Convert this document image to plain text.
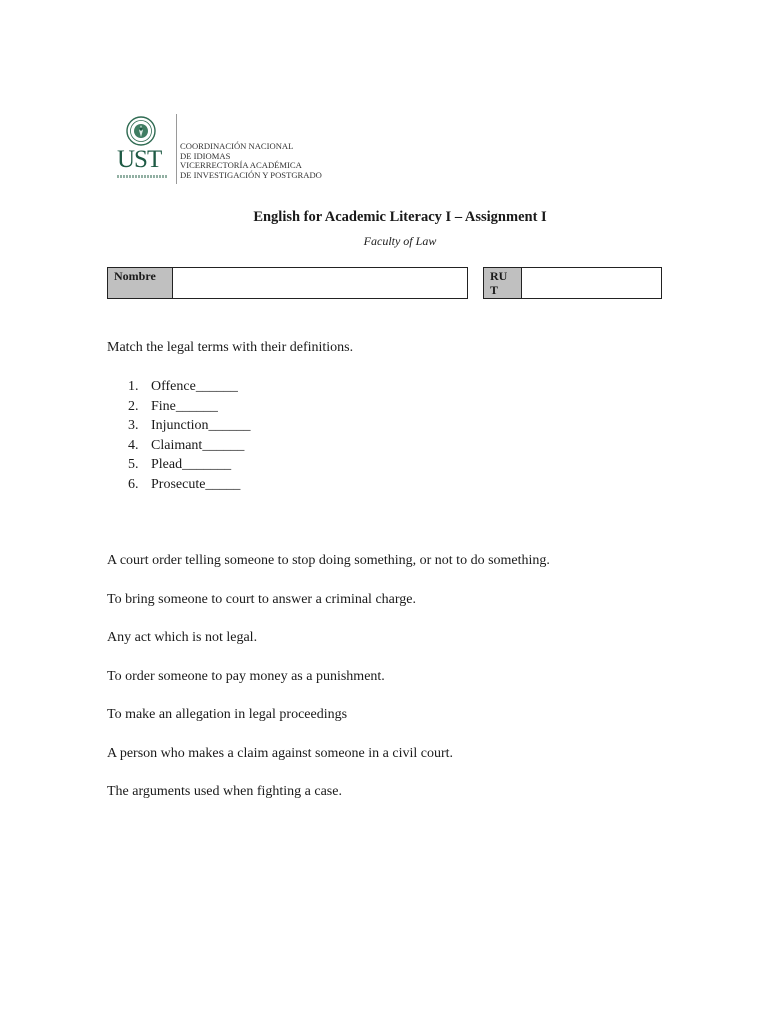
UST COORDINACIÓN NACIONAL
DE IDIOMAS
VICERRECTORÍA ACADÉMICA
DE INVESTIGACIÓN Y POSTGRADO
English for Academic Literacy I – Assignment I
Faculty of Law
Nombre	RUT
Match the legal terms with their definitions.
1. Offence______
2. Fine______
3. Injunction______
4. Claimant______
5. Plead_______
6. Prosecute_____
A court order telling someone to stop doing something, or not to do something.
To bring someone to court to answer a criminal charge.
Any act which is not legal.
To order someone to pay money as a punishment.
To make an allegation in legal proceedings
A person who makes a claim against someone in a civil court.
The arguments used when fighting a case.
